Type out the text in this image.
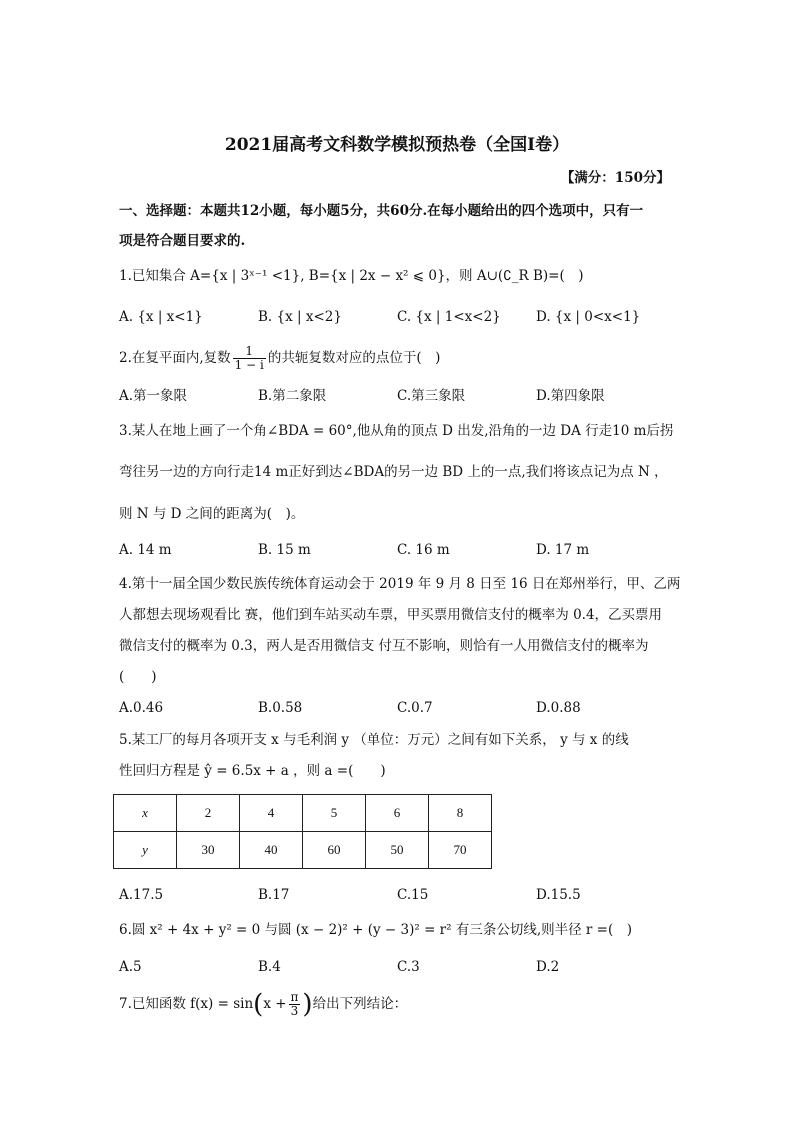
2021届高考文科数学模拟预热卷（全国Ⅰ卷）
【满分：150分】
一、选择题：本题共12小题，每小题5分，共60分.在每小题给出的四个选项中，只有一
项是符合题目要求的.
1.已知集合 A={x | 3ˣ⁻¹ <1}, B={x | 2x − x² ⩽ 0}，则 A∪(∁_R B)=(　)
A. {x | x<1}	B. {x | x<2}	C. {x | 1<x<2}	D. {x | 0<x<1}
2.在复平面内,复数 $\frac{1}{1 - i}$ 的共轭复数对应的点位于(　)
A.第一象限	B.第二象限	C.第三象限	D.第四象限
3.某人在地上画了一个角∠BDA = 60°,他从角的顶点 D 出发,沿角的一边 DA 行走10 m后拐
弯往另一边的方向行走14 m正好到达∠BDA的另一边 BD 上的一点,我们将该点记为点 N ，
则 N 与 D 之间的距离为(　)。
A. 14 m	B. 15 m	C. 16 m	D. 17 m
4.第十一届全国少数民族传统体育运动会于 2019 年 9 月 8 日至 16 日在郑州举行，甲、乙两
人都想去现场观看比 赛，他们到车站买动车票，甲买票用微信支付的概率为 0.4，乙买票用
微信支付的概率为 0.3，两人是否用微信支 付互不影响，则恰有一人用微信支付的概率为
(　　)
A.0.46	B.0.58	C.0.7	D.0.88
5.某工厂的每月各项开支 x 与毛利润 y （单位：万元）之间有如下关系， y 与 x 的线
性回归方程是 ŷ = 6.5x + a ，则 a =(　　)
x	2	4	5	6	8
y	30	40	60	50	70
A.17.5	B.17	C.15	D.15.5
6.圆 x² + 4x + y² = 0 与圆 (x − 2)² + (y − 3)² = r² 有三条公切线,则半径 r =(　)
A.5	B.4	C.3	D.2
7.已知函数 $f(x) = \sin(x + \frac{\pi}{3}$ )给出下列结论：
